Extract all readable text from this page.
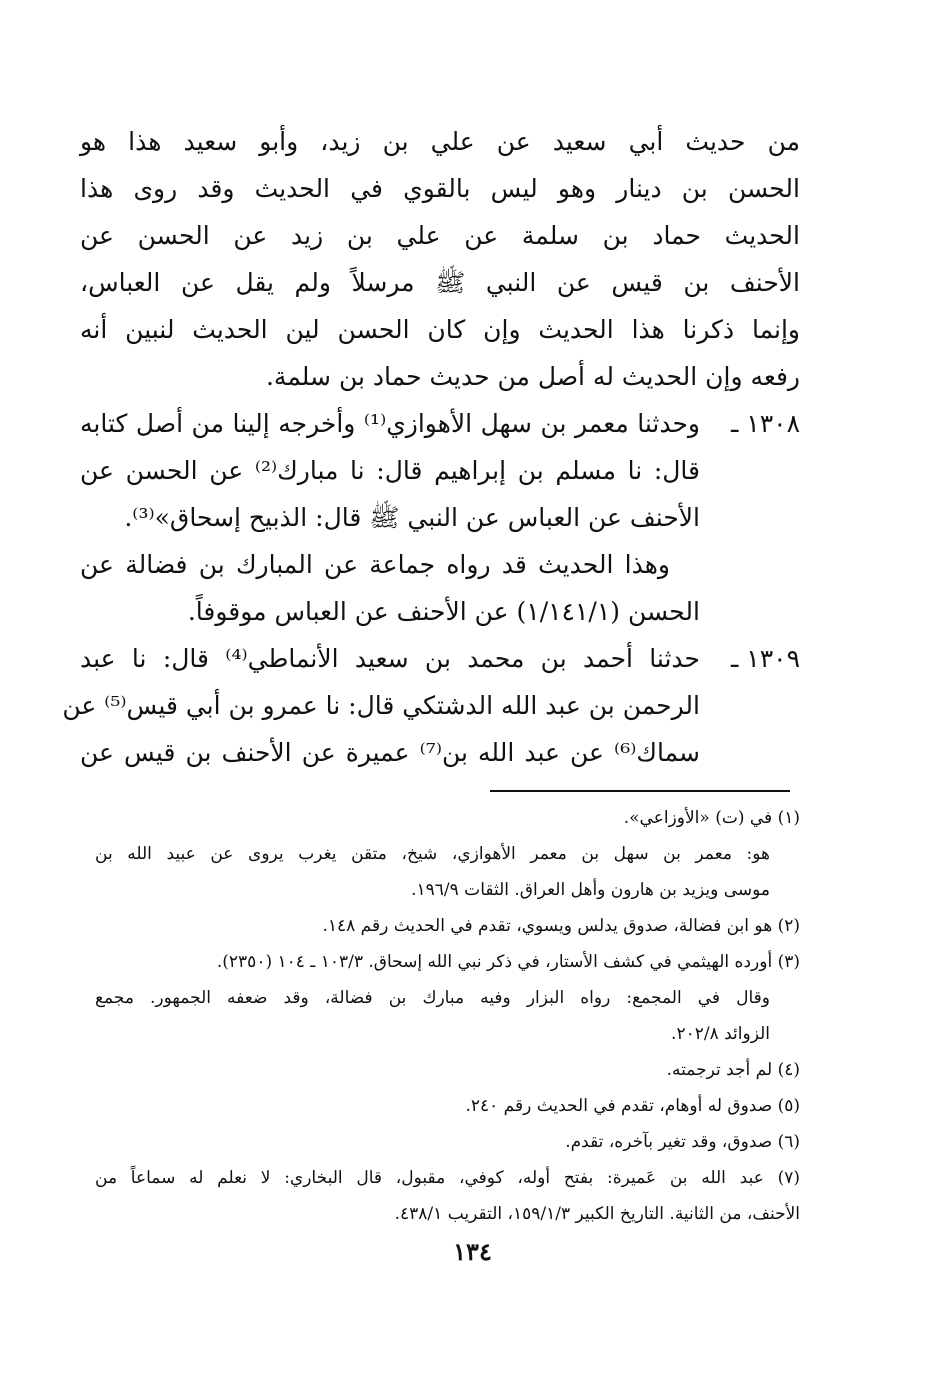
من حديث أبي سعيد عن علي بن زيد، وأبو سعيد هذا هو
الحسن بن دينار وهو ليس بالقوي في الحديث وقد روى هذا
الحديث حماد بن سلمة عن علي بن زيد عن الحسن عن
الأحنف بن قيس عن النبي ﷺ مرسلاً ولم يقل عن العباس،
وإنما ذكرنا هذا الحديث وإن كان الحسن لين الحديث لنبين أنه
رفعه وإن الحديث له أصل من حديث حماد بن سلمة.
١٣٠٨ ـ
وحدثنا معمر بن سهل الأهوازي⁽¹⁾ وأخرجه إلينا من أصل كتابه
قال: نا مسلم بن إبراهيم قال: نا مبارك⁽²⁾ عن الحسن عن
الأحنف عن العباس عن النبي ﷺ قال: الذبيح إسحاق»⁽³⁾.
وهذا الحديث قد رواه جماعة عن المبارك بن فضالة عن
الحسن (١/١٤١/١) عن الأحنف عن العباس موقوفاً.
١٣٠٩ ـ
حدثنا أحمد بن محمد بن سعيد الأنماطي⁽⁴⁾ قال: نا عبد
الرحمن بن عبد الله الدشتكي قال: نا عمرو بن أبي قيس⁽⁵⁾ عن
سماك⁽⁶⁾ عن عبد الله بن⁽⁷⁾ عميرة عن الأحنف بن قيس عن
(١) في (ت) «الأوزاعي».
هو: معمر بن سهل بن معمر الأهوازي، شيخ، متقن يغرب يروى عن عبيد الله بن
موسى ويزيد بن هارون وأهل العراق. الثقات ١٩٦/٩.
(٢) هو ابن فضالة، صدوق يدلس ويسوي، تقدم في الحديث رقم ١٤٨.
(٣) أورده الهيثمي في كشف الأستار، في ذكر نبي الله إسحاق. ١٠٣/٣ ـ ١٠٤ (٢٣٥٠).
وقال في المجمع: رواه البزار وفيه مبارك بن فضالة، وقد ضعفه الجمهور. مجمع
الزوائد ٢٠٢/٨.
(٤) لم أجد ترجمته.
(٥) صدوق له أوهام، تقدم في الحديث رقم ٢٤٠.
(٦) صدوق، وقد تغير بآخره، تقدم.
(٧) عبد الله بن عَميرة: بفتح أوله، كوفي، مقبول، قال البخاري: لا نعلم له سماعاً من
الأحنف، من الثانية. التاريخ الكبير ١٥٩/١/٣، التقريب ٤٣٨/١.
١٣٤
